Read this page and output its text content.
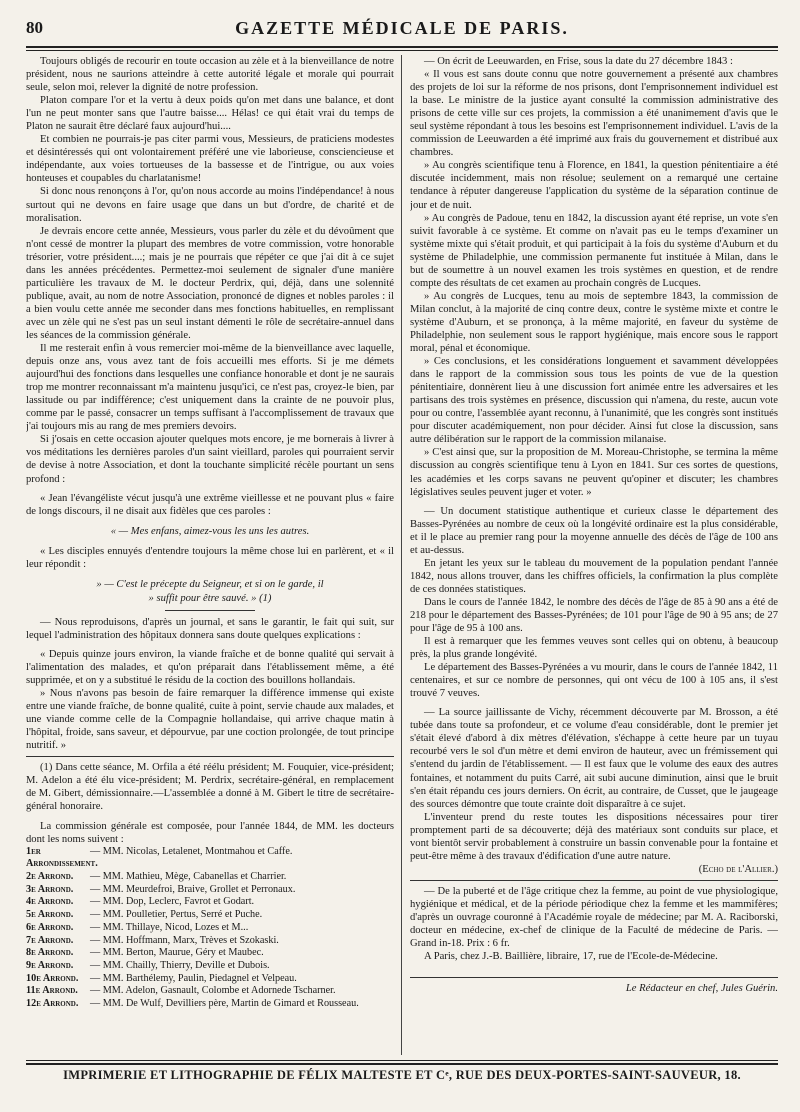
80	GAZETTE MÉDICALE DE PARIS.

Toujours obligés de recourir en toute occasion au zèle et à la bienveillance de notre président, nous ne saurions atteindre à cette autorité légale et morale qui pourrait seule, selon moi, relever la dignité de notre profession.

Platon compare l'or et la vertu à deux poids qu'on met dans une balance, et dont l'un ne peut monter sans que l'autre baisse.... Hélas! ce qui était vrai du temps de Platon ne saurait être déclaré faux aujourd'hui....

Et combien ne pourrais-je pas citer parmi vous, Messieurs, de praticiens modestes et désintéressés qui ont volontairement préféré une vie laborieuse, consciencieuse et indépendante, aux voies tortueuses de la bassesse et de l'intrigue, ou aux voies honteuses et coupables du charlatanisme!

Si donc nous renonçons à l'or, qu'on nous accorde au moins l'indépendance! à nous surtout qui ne devons en faire usage que dans un but d'ordre, de charité et de moralisation.

Je devrais encore cette année, Messieurs, vous parler du zèle et du dévoûment que n'ont cessé de montrer la plupart des membres de votre commission, votre honorable trésorier, votre président....; mais je ne pourrais que répéter ce que j'ai dit à ce sujet dans les années précédentes. Permettez-moi seulement de signaler d'une manière particulière les travaux de M. le docteur Perdrix, qui, déjà, dans une solennité publique, avait, au nom de notre Association, prononcé de dignes et nobles paroles : il a bien voulu cette année me seconder dans mes fonctions habituelles, en remplissant avec un zèle qui ne s'est pas un seul instant démenti le rôle de secrétaire-annuel dans les séances de la commission générale.

Il me resterait enfin à vous remercier moi-même de la bienveillance avec laquelle, depuis onze ans, vous avez tant de fois accueilli mes efforts. Si je me démets aujourd'hui des fonctions dans lesquelles une confiance honorable et dont je ne saurais trop me montrer reconnaissant m'a maintenu jusqu'ici, ce n'est pas, croyez-le bien, par lassitude ou par indifférence; c'est uniquement dans la crainte de ne pouvoir plus, comme par le passé, consacrer un temps suffisant à l'accomplissement de travaux que j'ai toujours mis au rang de mes premiers devoirs.

Si j'osais en cette occasion ajouter quelques mots encore, je me bornerais à livrer à vos méditations les dernières paroles d'un saint vieillard, paroles qui pourraient servir de devise à notre Association, et dont la touchante simplicité récèle pourtant un sens profond :

« Jean l'évangéliste vécut jusqu'à une extrême vieillesse et ne pouvant plus « faire de longs discours, il ne disait aux fidèles que ces paroles :

« — Mes enfans, aimez-vous les uns les autres.

« Les disciples ennuyés d'entendre toujours la même chose lui en parlèrent, et « il leur répondit :

» — C'est le précepte du Seigneur, et si on le garde, il

» suffit pour être sauvé. » (1)

— Nous reproduisons, d'après un journal, et sans le garantir, le fait qui suit, sur lequel l'administration des hôpitaux donnera sans doute quelques explications :

« Depuis quinze jours environ, la viande fraîche et de bonne qualité qui servait à l'alimentation des malades, et qu'on préparait dans l'établissement même, a été supprimée, et on y a substitué le résidu de la coction des bouillons hollandais.

» Nous n'avons pas besoin de faire remarquer la différence immense qui existe entre une viande fraîche, de bonne qualité, cuite à point, servie chaude aux malades, et une viande comme celle de la Compagnie hollandaise, qui arrive chaque matin à l'hôpital, froide, sans saveur, et dépourvue, par une coction prolongée, de tout principe nutritif. »

(1) Dans cette séance, M. Orfila a été réélu président; M. Fouquier, vice-président; M. Adelon a été élu vice-président; M. Perdrix, secrétaire-général, en remplacement de M. Gibert, démissionnaire.—L'assemblée a donné à M. Gibert le titre de secrétaire-général honoraire.

La commission générale est composée, pour l'année 1844, de MM. les docteurs dont les noms suivent :

1er Arrondissement.
— MM. Nicolas, Letalenet, Montmahou et Caffe.
2e Arrond.	— MM. Mathieu, Mège, Cabanellas et Charrier.
3e Arrond.	— MM. Meurdefroi, Braive, Grollet et Perronaux.
4e Arrond.	— MM. Dop, Leclerc, Favrot et Godart.
5e Arrond.	— MM. Poulletier, Pertus, Serré et Puche.
6e Arrond.	— MM. Thillaye, Nicod, Lozes et M...
7e Arrond.	— MM. Hoffmann, Marx, Trèves et Szokaski.
8e Arrond.	— MM. Berton, Maurue, Géry et Maubec.
9e Arrond.	— MM. Chailly, Thierry, Deville et Dubois.
10e Arrond.	— MM. Barthélemy, Paulin, Piedagnel et Velpeau.
11e Arrond.	— MM. Adelon, Gasnault, Colombe et Adornede Tscharner.
12e Arrond.	— MM. De Wulf, Devilliers père, Martin de Gimard et Rousseau.

— On écrit de Leeuwarden, en Frise, sous la date du 27 décembre 1843 :

« Il vous est sans doute connu que notre gouvernement a présenté aux chambres des projets de loi sur la réforme de nos prisons, dont l'emprisonnement individuel est la base. Le ministre de la justice ayant consulté la commission administrative des prisons de cette ville sur ces projets, la commission a été unanimement d'avis que le seul système répondant à tous les besoins est l'emprisonnement individuel. L'avis de la commission de Leeuwarden a été imprimé aux frais du gouvernement et distribué aux chambres.

» Au congrès scientifique tenu à Florence, en 1841, la question pénitentiaire a été discutée incidemment, mais non résolue; seulement on a remarqué une certaine tendance à réputer dangereuse l'application du système de la séparation continue de jour et de nuit.

» Au congrès de Padoue, tenu en 1842, la discussion ayant été reprise, un vote s'en suivit favorable à ce système. Et comme on n'avait pas eu le temps d'examiner un système mixte qui s'était produit, et qui participait à la fois du système d'Auburn et du système de Philadelphie, une commission permanente fut instituée à Milan, dans le but de soumettre à un nouvel examen les trois systèmes en question, et de rendre compte des résultats de cet examen au prochain congrès de Lucques.

» Au congrès de Lucques, tenu au mois de septembre 1843, la commission de Milan conclut, à la majorité de cinq contre deux, contre le système mixte et contre le système d'Auburn, et se prononça, à la même majorité, en faveur du système de Philadelphie, non seulement sous le rapport hygiénique, mais encore sous le rapport moral, pénal et économique.

» Ces conclusions, et les considérations longuement et savamment développées dans le rapport de la commission sous tous les points de vue de la question pénitentiaire, donnèrent lieu à une discussion fort animée entre les adversaires et les partisans des trois systèmes en présence, discussion qui n'amena, du reste, aucun vote pour ou contre, l'assemblée ayant reconnu, à l'unanimité, que les congrès sont institués pour discuter académiquement, non pour décider. Ainsi fut close la discussion, sans autre délibération sur le rapport de la commission milanaise.

» C'est ainsi que, sur la proposition de M. Moreau-Christophe, se termina la même discussion au congrès scientifique tenu à Lyon en 1841. Sur ces sortes de questions, les académies et les corps savans ne peuvent qu'opiner et discuter; les chambres législatives seules peuvent juger et voter. »

— Un document statistique authentique et curieux classe le département des Basses-Pyrénées au nombre de ceux où la longévité ordinaire est la plus considérable, et il le place au premier rang pour la moyenne annuelle des décès de l'âge de 100 ans et au-dessus.

En jetant les yeux sur le tableau du mouvement de la population pendant l'année 1842, nous allons trouver, dans les chiffres officiels, la confirmation la plus complète de ces données statistiques.

Dans le cours de l'année 1842, le nombre des décès de l'âge de 85 à 90 ans a été de 218 pour le département des Basses-Pyrénées; de 101 pour l'âge de 90 à 95 ans; de 27 pour l'âge de 95 à 100 ans.

Il est à remarquer que les femmes veuves sont celles qui on obtenu, à beaucoup près, la plus grande longévité.

Le département des Basses-Pyrénées a vu mourir, dans le cours de l'année 1842, 11 centenaires, et sur ce nombre de personnes, qui ont vécu de 100 à 105 ans, il s'est trouvé 7 veuves.

— La source jaillissante de Vichy, récemment découverte par M. Brosson, a été tubée dans toute sa profondeur, et ce volume d'eau considérable, dont le premier jet s'était élevé d'abord à dix mètres d'élévation, s'échappe à cette heure par un tuyau recourbé vers le sol d'un mètre et demi environ de hauteur, avec un frémissement qui s'entend du jardin de l'établissement. — Il est faux que le volume des eaux des autres fontaines, et notamment du puits Carré, ait subi aucune diminution, ainsi que le bruit s'en était répandu ces jours derniers. On écrit, au contraire, de Cusset, que le jaugeage des sources démontre que toute crainte doit disparaître à ce sujet.

L'inventeur prend du reste toutes les dispositions nécessaires pour tirer promptement parti de sa découverte; déjà des matériaux sont conduits sur place, et vont bientôt servir probablement à construire un bassin convenable pour la fontaine et peut-être même à des travaux d'édification d'une autre nature.

(Echo de l'Allier.)

— De la puberté et de l'âge critique chez la femme, au point de vue physiologique, hygiénique et médical, et de la période périodique chez la femme et les mammifères; d'après un ouvrage couronné à l'Académie royale de médecine; par M. A. Raciborski, docteur en médecine, ex-chef de clinique de la Faculté de médecine de Paris. — Grand in-18. Prix : 6 fr.

A Paris, chez J.-B. Baillière, libraire, 17, rue de l'Ecole-de-Médecine.

Le Rédacteur en chef, Jules Guérin.

IMPRIMERIE ET LITHOGRAPHIE DE FÉLIX MALTESTE ET Cᵉ, RUE DES DEUX-PORTES-SAINT-SAUVEUR, 18.
